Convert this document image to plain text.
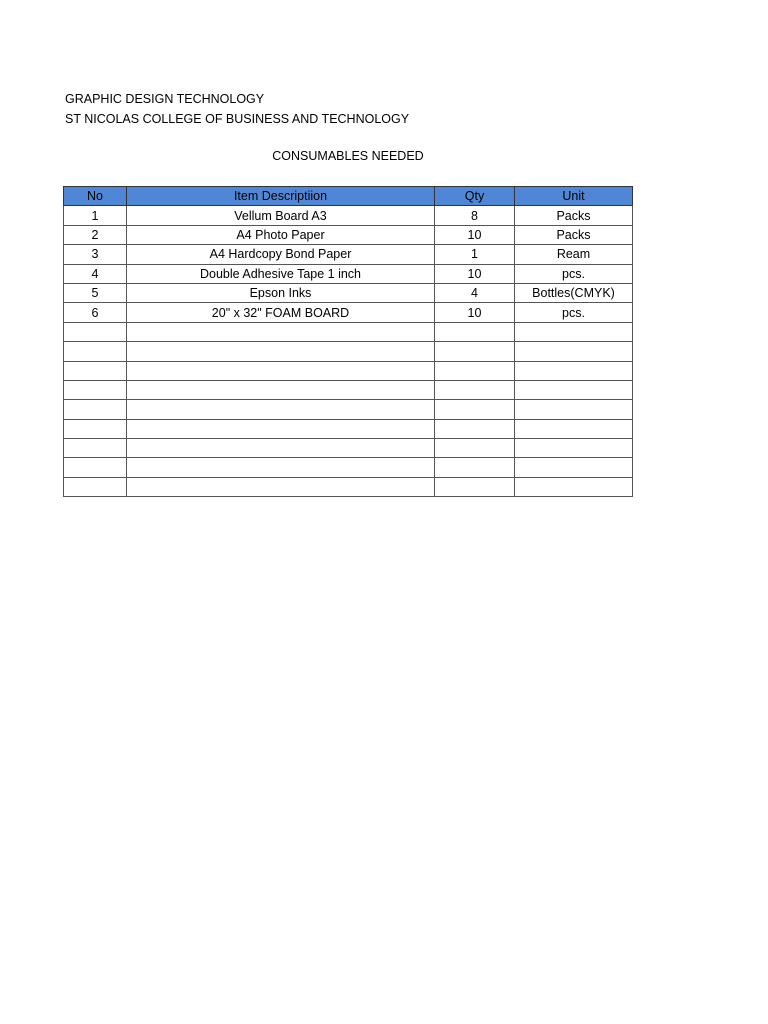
GRAPHIC DESIGN TECHNOLOGY
ST NICOLAS COLLEGE OF BUSINESS AND TECHNOLOGY
CONSUMABLES NEEDED
No	Item Descriptiion	Qty	Unit
1	Vellum Board A3	8	Packs
2	A4 Photo Paper	10	Packs
3	A4 Hardcopy Bond Paper	1	Ream
4	Double Adhesive Tape 1 inch	10	pcs.
5	Epson Inks	4	Bottles(CMYK)
6	20" x 32" FOAM BOARD	10	pcs.
